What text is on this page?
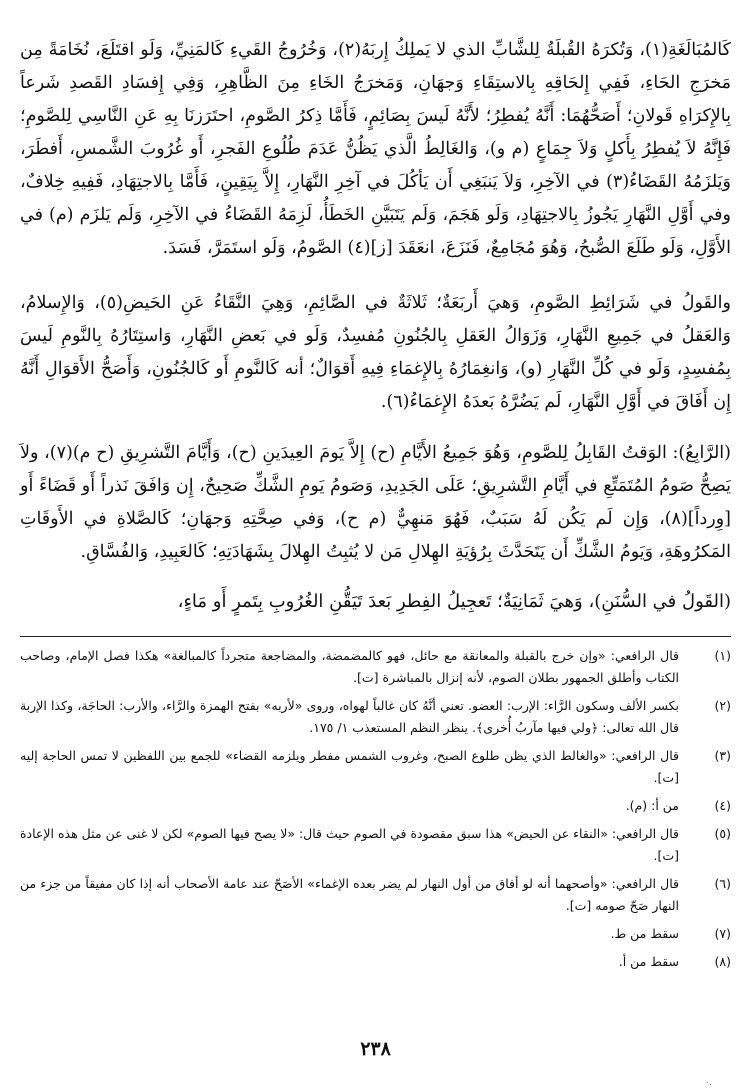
كَالمُبَالَغَةِ(١)، وَتُكرَهُ القُبلَةُ لِلشَّابِّ الذي لا يَملِكُ إِربَهُ(٢)، وَخُرُوجُ القَيءِ كَالمَنِيِّ، وَلَو اقتَلَعَ، نُخَامَةً مِن مَخرَجِ الحَاءِ، فَفِي إِلحَاقِهِ بِالاستِقَاءِ وَجهَانِ، وَمَخرَجُ الخَاءِ مِنَ الظَّاهِرِ، وَفِي إِفسَادِ القَصدِ شَرعاً بِالإِكرَاهِ قَولانِ؛ أَصَحُّهُمَا: أَنَّهُ يُفطِرُ؛ لأَنَّهُ لَيسَ بِصَائِمٍ، فَأَمَّا ذِكرُ الصَّومِ، احتَرَزنَا بِهِ عَنِ النَّاسِي لِلصَّومِ؛ فَإِنَّهُ لاَ يُفطِرُ بِأَكلٍ وَلاَ جِمَاعٍ (م و)، وَالغَالِطُ الَّذي يَظُنُّ عَدَمَ طُلُوعِ الفَجرِ، أَو غُرُوبَ الشَّمسِ، أَفطَرَ، وَيَلزَمُهُ القَضَاءُ(٣) في الآخِرِ، وَلاَ يَنبَغِي أَن يَأكُلَ في آخِرِ النَّهَارِ، إِلاَّ بِيَقِينٍ، فَأَمَّا بِالاجتِهَادِ، فَفِيهِ خِلافٌ، وفي أَوَّلِ النَّهَارِ يَجُوزُ بِالاجتِهَادِ، وَلَو هَجَمَ، وَلَم يَتَبَيَّنِ الخَطَأُ، لَزِمَهُ القَضَاءُ في الآخِرِ، وَلَم يَلزَم (م) في الأَوَّلِ، وَلَو طَلَعَ الصُّبحُ، وَهُوَ مُجَامِعٌ، فَنَزَعَ، انعَقَدَ [ز](٤) الصَّومُ، وَلَو استَمَرَّ، فَسَدَ.

والقَولُ في شَرَائِطِ الصَّومِ، وَهيَ أَربَعَةٌ؛ ثَلاثَةٌ في الصَّائِمِ، وَهِيَ النَّقَاءُ عَنِ الحَيضِ(٥)، وَالإِسلامُ، وَالعَقلُ في جَمِيعِ النَّهَارِ، وَزَوَالُ العَقلِ بِالجُنُونِ مُفسِدٌ، وَلَو في بَعضِ النَّهَارِ، وَاستِتَارُهُ بِالنَّومِ لَيسَ بِمُفسِدٍ، وَلَو في كُلِّ النَّهَارِ (و)، وَانغِمَارُهُ بِالإِغمَاءِ فِيهِ أَقوَالٌ؛ أنه كَالنَّومِ أَو كَالجُنُونِ، وَأَصَحُّ الأَقوَالِ أَنَّهُ إِن أَفَاقَ في أَوَّلِ النَّهَارِ، لَم يَضُرَّهُ بَعدَهُ الإِغمَاءُ(٦).

(الرَّابِعُ): الوَقتُ القَابِلُ لِلصَّومِ، وَهُوَ جَمِيعُ الأَيَّامِ (ح) إِلاَّ يَومَ العِيدَينِ (ح)، وَأَيَّامَ التَّشرِيقِ (ح م)(٧)، ولاَ يَصِحُّ صَومُ المُتَمَتِّعِ في أَيَّامِ التَّشرِيقِ؛ عَلَى الجَدِيدِ، وَصَومُ يَومِ الشَّكِّ صَحِيحٌ، إِن وَافَقَ نَذراً أَو قَضَاءً أَو [وِرداً](٨)، وَإِن لَم يَكُن لَهُ سَبَبٌ، فَهُوَ مَنهِيٌّ (م ح)، وَفي صِحَّتِهِ وَجهَانِ؛ كَالصَّلاةِ في الأَوقَاتِ المَكرُوهَةِ، وَيَومُ الشَّكِّ أَن يَتَحَدَّثَ بِرُؤيَةِ الهِلالِ مَن لا يُثبِتُ الهِلالَ بِشَهَادَتِهِ؛ كَالعَبِيدِ، وَالفُسَّاقِ.

(القَولُ في السُّنَنِ)، وَهيَ ثَمَانِيَةٌ؛ تَعجِيلُ الفِطرِ بَعدَ تَيَقُّنِ الغُرُوبِ بِتَمرٍ أَو مَاءٍ،

(١)
قال الرافعي: «وإن خرج بالقبلة والمعانقة مع حائل، فهو كالمضمضة، والمضاجعة متجرداً كالمبالغة» هكذا فصل الإمام، وصاحب الكتاب وأطلق الجمهور بطلان الصوم، لأنه إنزال بالمباشرة [ت].
(٢)
بكسر الألف وسكون الرَّاء: الإرب: العضو. تعني أنَّهُ كان غالباً لهواه، وروى «لأربه» بفتح الهمزة والرَّاء، والأرب: الحاجَة، وكذا الإربة قال الله تعالى: ﴿ولي فيها مآربُ أُخرى﴾. ينظر النظم المستعذب ١/ ١٧٥.
(٣)
قال الرافعي: «والغالط الذي يظن طلوع الصبح، وغروب الشمس مفطر ويلزمه القضاء» للجمع بين اللفظين لا تمس الحاجة إليه [ت].
(٤)
من أ: (م).
(٥)
قال الرافعي: «النقاء عن الحيض» هذا سبق مقصودة في الصوم حيث قال: «لا يصح فيها الصوم» لكن لا غنى عن مثل هذه الإعادة [ت].
(٦)
قال الرافعي: «وأصحهما أنه لو أفاق من أول النهار لم يضر بعده الإغماء» الأصَحّ عند عامة الأصحاب أنه إذا كان مفيقاً من جزء من النهار صَحّ صومه [ت].
(٧)
سقط من ط.
(٨)
سقط من أ.
٢٣٨
٠.
